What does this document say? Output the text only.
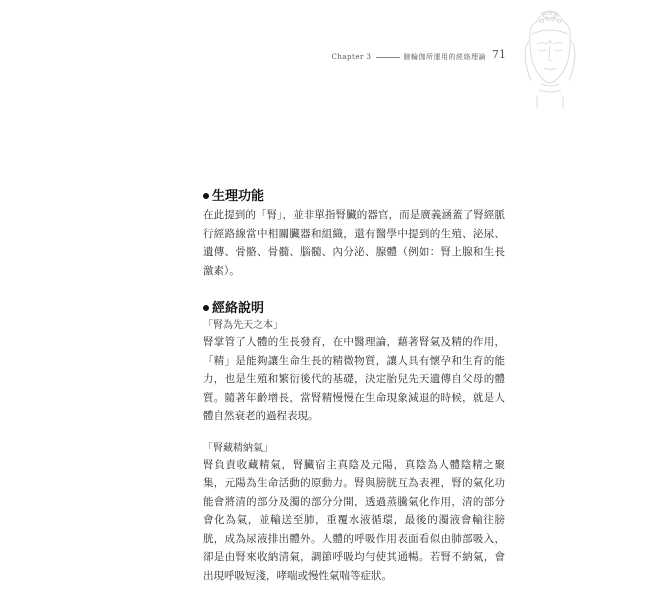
Chapter 3	臉輪伽所運用的經絡理論 71
生理功能

在此提到的「腎」，並非單指腎臟的器官，而是廣義涵蓋了腎經脈行經路線當中相關臟器和組織，還有醫學中提到的生殖、泌尿、遺傳、骨骼、骨髓、腦髓、內分泌、腺體（例如：腎上腺和生長激素）。

經絡說明

「腎為先天之本」

腎掌管了人體的生長發育，在中醫理論，藉著腎氣及精的作用，「精」是能夠讓生命生長的精微物質，讓人具有懷孕和生育的能力，也是生殖和繁衍後代的基礎，決定胎兒先天遺傳自父母的體質。隨著年齡增長，當腎精慢慢在生命現象減退的時候，就是人體自然衰老的過程表現。

「腎藏精納氣」

腎負責收藏精氣，腎臟宿主真陰及元陽，真陰為人體陰精之聚集，元陽為生命活動的原動力。腎與膀胱互為表裡，腎的氣化功能會將清的部分及濁的部分分開，透過蒸騰氣化作用，清的部分會化為氣，並輸送至肺，重覆水液循環，最後的濁液會輸往膀胱，成為尿液排出體外。人體的呼吸作用表面看似由肺部吸入，卻是由腎來收納清氣，調節呼吸均勻使其通暢。若腎不納氣，會出現呼吸短淺，哮喘或慢性氣喘等症狀。
